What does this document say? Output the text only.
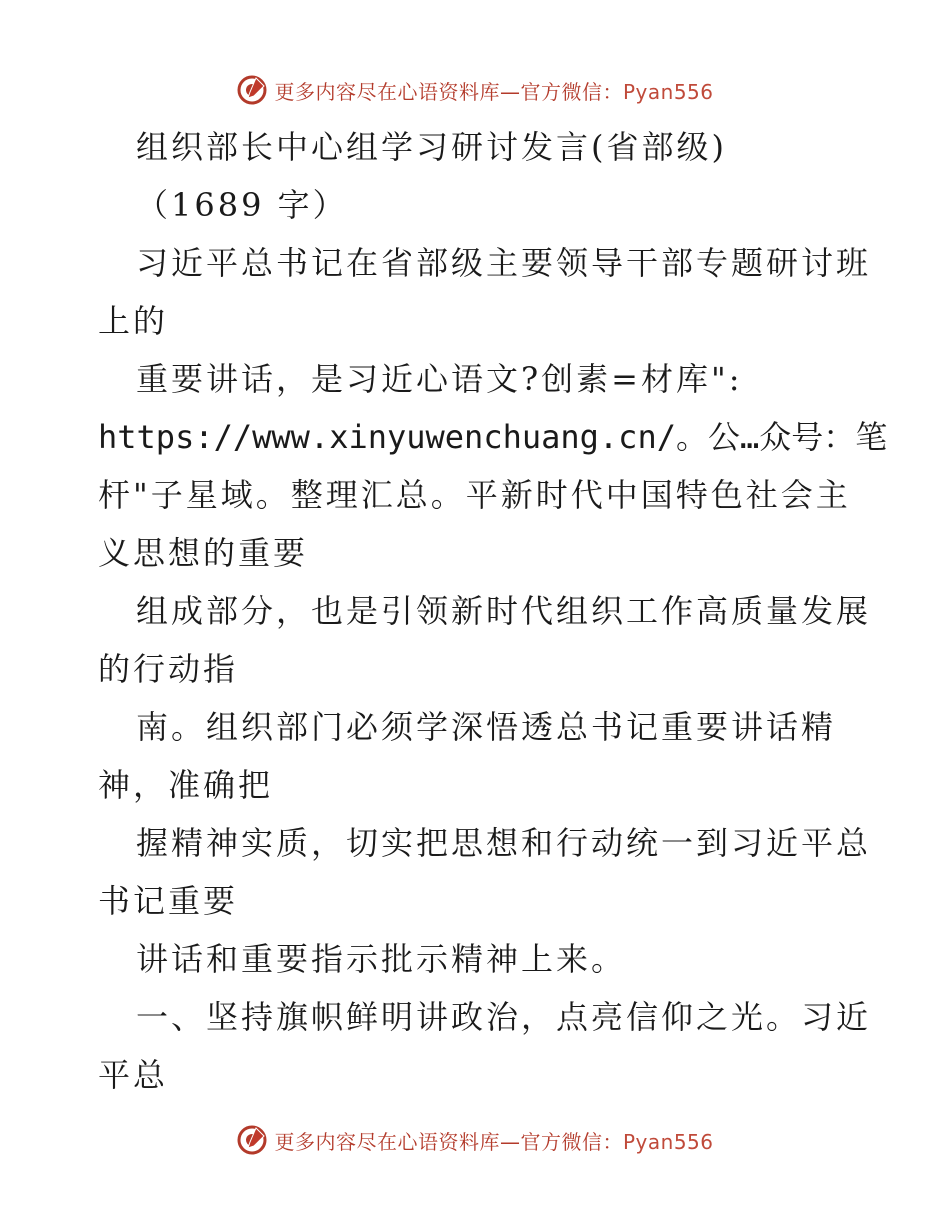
更多内容尽在心语资料库—官方微信：Pyan556
组织部长中心组学习研讨发言(省部级)
（1689 字）
习近平总书记在省部级主要领导干部专题研讨班
上的
重要讲话，是习近心语文?创素=材库":
https://www.xinyuwenchuang.cn/。公…众号：笔
杆"子星域。整理汇总。平新时代中国特色社会主
义思想的重要
组成部分，也是引领新时代组织工作高质量发展
的行动指
南。组织部门必须学深悟透总书记重要讲话精
神，准确把
握精神实质，切实把思想和行动统一到习近平总
书记重要
讲话和重要指示批示精神上来。
一、坚持旗帜鲜明讲政治，点亮信仰之光。习近
平总
更多内容尽在心语资料库—官方微信：Pyan556
